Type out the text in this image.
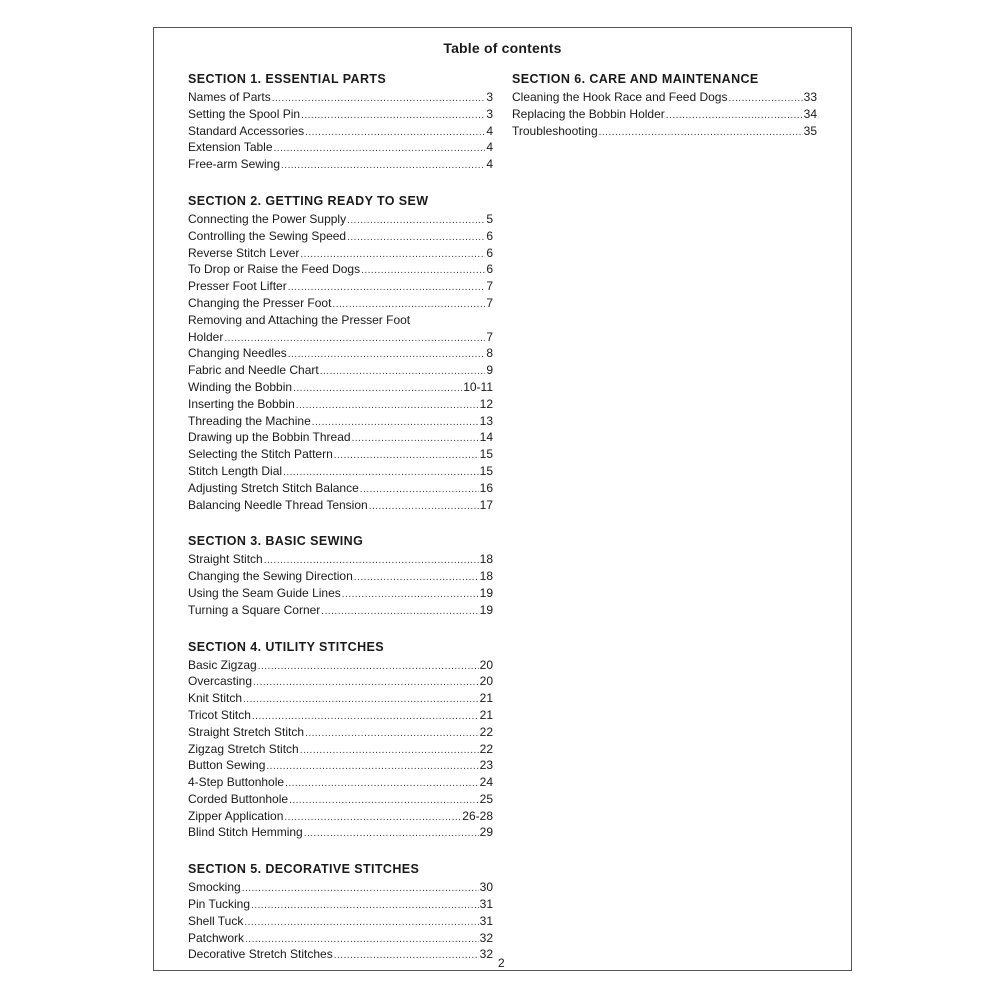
Table of contents
SECTION 1. ESSENTIAL PARTS
Names of Parts .....	3
Setting the Spool Pin .....	3
Standard Accessories .....	4
Extension Table .....	4
Free-arm Sewing .....	4
SECTION 2. GETTING READY TO SEW
Connecting the Power Supply .....	5
Controlling the Sewing Speed .....	6
Reverse Stitch Lever .....	6
To Drop or Raise the Feed Dogs .....	6
Presser Foot Lifter .....	7
Changing the Presser Foot .....	7
Removing and Attaching the Presser Foot
Holder .....	7
Changing Needles .....	8
Fabric and Needle Chart .....	9
Winding the Bobbin .....	10-11
Inserting the Bobbin .....	12
Threading the Machine .....	13
Drawing up the Bobbin Thread .....	14
Selecting the Stitch Pattern .....	15
Stitch Length Dial .....	15
Adjusting Stretch Stitch Balance .....	16
Balancing Needle Thread Tension .....	17
SECTION 3. BASIC SEWING
Straight Stitch .....	18
Changing the Sewing Direction .....	18
Using the Seam Guide Lines .....	19
Turning a Square Corner .....	19
SECTION 4. UTILITY STITCHES
Basic Zigzag .....	20
Overcasting .....	20
Knit Stitch .....	21
Tricot Stitch .....	21
Straight Stretch Stitch .....	22
Zigzag Stretch Stitch .....	22
Button Sewing .....	23
4-Step Buttonhole .....	24
Corded Buttonhole .....	25
Zipper Application .....	26-28
Blind Stitch Hemming .....	29
SECTION 5. DECORATIVE STITCHES
Smocking .....	30
Pin Tucking .....	31
Shell Tuck .....	31
Patchwork .....	32
Decorative Stretch Stitches .....	32
SECTION 6. CARE AND MAINTENANCE
Cleaning the Hook Race and Feed Dogs .....	33
Replacing the Bobbin Holder .....	34
Troubleshooting .....	35
2
